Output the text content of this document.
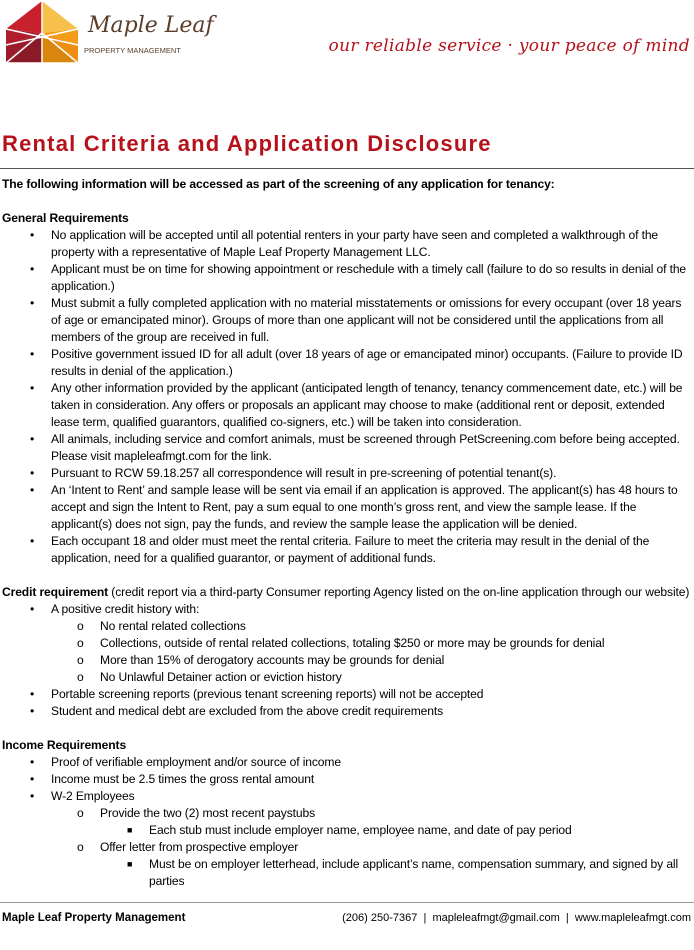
Maple Leaf
PROPERTY MANAGEMENT	our reliable service · your peace of mind
Rental Criteria and Application Disclosure

The following information will be accessed as part of the screening of any application for tenancy:

General Requirements

• No application will be accepted until all potential renters in your party have seen and completed a walkthrough of the property with a representative of Maple Leaf Property Management LLC.
• Applicant must be on time for showing appointment or reschedule with a timely call (failure to do so results in denial of the application.)
• Must submit a fully completed application with no material misstatements or omissions for every occupant (over 18 years of age or emancipated minor). Groups of more than one applicant will not be considered until the applications from all members of the group are received in full.
• Positive government issued ID for all adult (over 18 years of age or emancipated minor) occupants. (Failure to provide ID results in denial of the application.)
• Any other information provided by the applicant (anticipated length of tenancy, tenancy commencement date, etc.) will be taken in consideration. Any offers or proposals an applicant may choose to make (additional rent or deposit, extended lease term, qualified guarantors, qualified co-signers, etc.) will be taken into consideration.
• All animals, including service and comfort animals, must be screened through PetScreening.com before being accepted. Please visit mapleleafmgt.com for the link.
• Pursuant to RCW 59.18.257 all correspondence will result in pre-screening of potential tenant(s).
• An ‘Intent to Rent’ and sample lease will be sent via email if an application is approved. The applicant(s) has 48 hours to accept and sign the Intent to Rent, pay a sum equal to one month’s gross rent, and view the sample lease. If the applicant(s) does not sign, pay the funds, and review the sample lease the application will be denied.
• Each occupant 18 and older must meet the rental criteria. Failure to meet the criteria may result in the denial of the application, need for a qualified guarantor, or payment of additional funds.

Credit requirement (credit report via a third-party Consumer reporting Agency listed on the on-line application through our website)

• A positive credit history with:
o No rental related collections
o Collections, outside of rental related collections, totaling $250 or more may be grounds for denial
o More than 15% of derogatory accounts may be grounds for denial
o No Unlawful Detainer action or eviction history
• Portable screening reports (previous tenant screening reports) will not be accepted
• Student and medical debt are excluded from the above credit requirements

Income Requirements

• Proof of verifiable employment and/or source of income
• Income must be 2.5 times the gross rental amount
• W-2 Employees
o Provide the two (2) most recent paystubs
■ Each stub must include employer name, employee name, and date of pay period
o Offer letter from prospective employer
■ Must be on employer letterhead, include applicant’s name, compensation summary, and signed by all parties
Maple Leaf Property Management	(206) 250-7367  |  mapleleafmgt@gmail.com  |  www.mapleleafmgt.com
